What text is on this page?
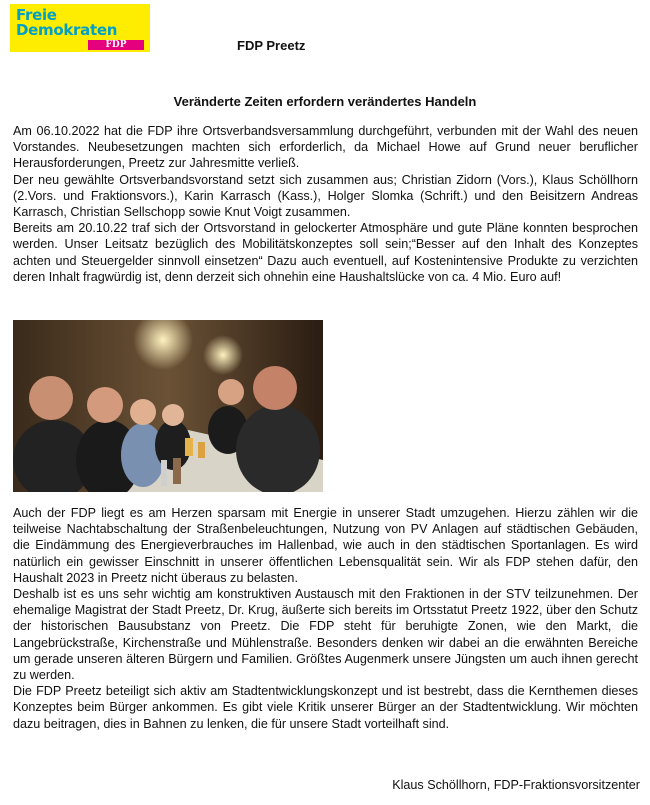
Freie
Demokraten
FDP	FDP Preetz
Veränderte Zeiten erfordern verändertes Handeln

Am 06.10.2022 hat die FDP ihre Ortsverbandsversammlung durchgeführt, verbunden mit der Wahl des neuen Vorstandes. Neubesetzungen machten sich erforderlich, da Michael Howe auf Grund neuer beruflicher Herausforderungen, Preetz zur Jahresmitte verließ.

Der neu gewählte Ortsverbandsvorstand setzt sich zusammen aus; Christian Zidorn (Vors.), Klaus Schöllhorn (2.Vors. und Fraktionsvors.), Karin Karrasch (Kass.), Holger Slomka (Schrift.) und den Beisitzern Andreas Karrasch, Christian Sellschopp sowie Knut Voigt zusammen.

Bereits am 20.10.22 traf sich der Ortsvorstand in gelockerter Atmosphäre und gute Pläne konnten besprochen werden. Unser Leitsatz bezüglich des Mobilitätskonzeptes soll sein;“Besser auf den Inhalt des Konzeptes achten und Steuergelder sinnvoll einsetzen“ Dazu auch eventuell, auf Kostenintensive Produkte zu verzichten deren Inhalt fragwürdig ist, denn derzeit sich ohnehin eine Haushaltslücke von ca. 4 Mio. Euro auf!

Auch der FDP liegt es am Herzen sparsam mit Energie in unserer Stadt umzugehen. Hierzu zählen wir die teilweise Nachtabschaltung der Straßenbeleuchtungen, Nutzung von PV Anlagen auf städtischen Gebäuden, die Eindämmung des Energieverbrauches im Hallenbad, wie auch in den städtischen Sportanlagen. Es wird natürlich ein gewisser Einschnitt in unserer öffentlichen Lebensqualität sein. Wir als FDP stehen dafür, den Haushalt 2023 in Preetz nicht überaus zu belasten.

Deshalb ist es uns sehr wichtig am konstruktiven Austausch mit den Fraktionen in der STV teilzunehmen. Der ehemalige Magistrat der Stadt Preetz, Dr. Krug, äußerte sich bereits im Ortsstatut Preetz 1922, über den Schutz der historischen Bausubstanz von Preetz. Die FDP steht für beruhigte Zonen, wie den Markt, die Langebrückstraße, Kirchenstraße und Mühlenstraße. Besonders denken wir dabei an die erwähnten Bereiche um gerade unseren älteren Bürgern und Familien. Größtes Augenmerk unsere Jüngsten um auch ihnen gerecht zu werden.

Die FDP Preetz beteiligt sich aktiv am Stadtentwicklungskonzept und ist bestrebt, dass die Kernthemen dieses Konzeptes beim Bürger ankommen. Es gibt viele Kritik unserer Bürger an der Stadtentwicklung. Wir möchten dazu beitragen, dies in Bahnen zu lenken, die für unsere Stadt vorteilhaft sind.

Klaus Schöllhorn, FDP-Fraktionsvorsitzenter
